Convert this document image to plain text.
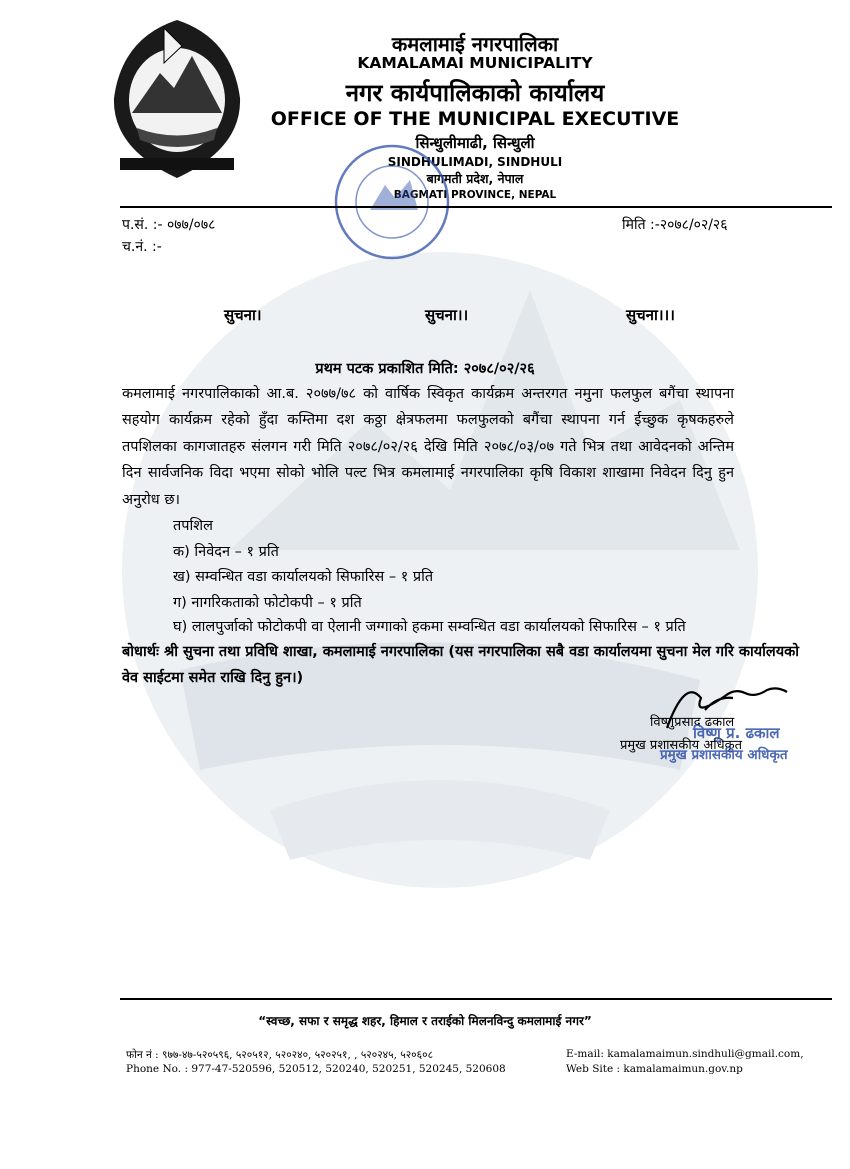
कमलामाई नगरपालिका
KAMALAMAI MUNICIPALITY
नगर कार्यपालिकाको कार्यालय
OFFICE OF THE MUNICIPAL EXECUTIVE
सिन्धुलीमाढी, सिन्धुली
SINDHULIMADI, SINDHULI
बागमती प्रदेश, नेपाल
BAGMATI PROVINCE, NEPAL
प.सं. :- ०७७/०७८
च.नं. :-
मिति :-२०७८/०२/२६
सुचना।	सुचना।।	सुचना।।।
प्रथम पटक प्रकाशित मिति: २०७८/०२/२६
कमलामाई नगरपालिकाको आ.ब. २०७७/७८ को वार्षिक स्विकृत कार्यक्रम अन्तरगत नमुना फलफुल बगैंचा स्थापना सहयोग कार्यक्रम रहेको हुँदा कम्तिमा दश कठ्ठा क्षेत्रफलमा फलफुलको बगैंचा स्थापना गर्न ईच्छुक कृषकहरुले तपशिलका कागजातहरु संलगन गरी मिति २०७८/०२/२६ देखि मिति २०७८/०३/०७ गते भित्र तथा आवेदनको अन्तिम दिन सार्वजनिक विदा भएमा सोको भोलि पल्ट भित्र कमलामाई नगरपालिका कृषि विकाश शाखामा निवेदन दिनु हुन अनुरोध छ।
तपशिल
क) निवेदन – १ प्रति
ख) सम्वन्धित वडा कार्यालयको सिफारिस – १ प्रति
ग) नागरिकताको फोटोकपी – १ प्रति
घ) लालपुर्जाको फोटोकपी वा ऐलानी जग्गाको हकमा सम्वन्धित वडा कार्यालयको सिफारिस – १ प्रति
बोधार्थः श्री सुचना तथा प्रविधि शाखा, कमलामाई नगरपालिका (यस नगरपालिका सबै वडा कार्यालयमा सुचना मेल गरि कार्यालयको वेव साईटमा समेत राखि दिनु हुन।)
विष्णुप्रसाद ढकाल
प्रमुख प्रशासकीय अधिकृत
विष्णु प्र. ढकाल
प्रमुख प्रशासकीय अधिकृत
“स्वच्छ, सफा र समृद्ध शहर, हिमाल र तराईको मिलनविन्दु कमलामाई नगर”
फोन नं : ९७७-४७-५२०५९६, ५२०५१२, ५२०२४०, ५२०२५१, , ५२०२४५, ५२०६०८
Phone No. : 977-47-520596, 520512, 520240, 520251, 520245, 520608
E-mail: kamalamaimun.sindhuli@gmail.com,
Web Site : kamalamaimun.gov.np
